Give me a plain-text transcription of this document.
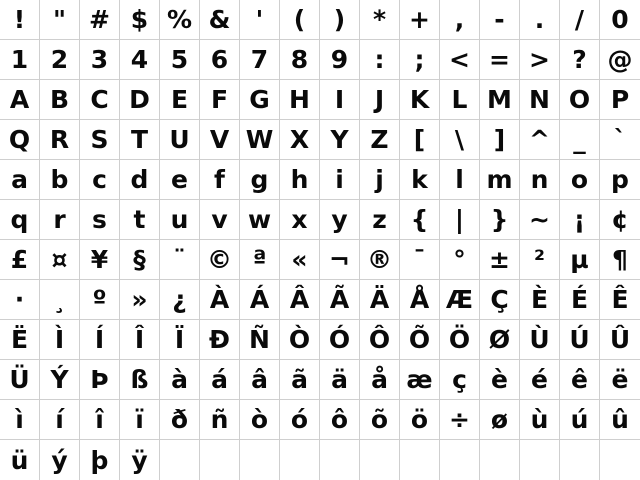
!	" # $ % &	'	(	)	* + ,	-	.	/	0
1 2 3 4 5 6 7 8 9	:	; < = > ? @
A B C D E F G H I	J	K L M N O P
Q R S T U V W X Y Z	[	\	] ^ _	`
a b c d e	f	g h	i	j	k	l m n o p
q r	s	t	u v w x y z {	|	} ~ ¡	¢
£ ¤ ¥	§	¨ © ª « ¬ ® ¯	° ± ²	µ ¶
·	¸	º » ¿ À Á Â Ã Ä Å Æ Ç È É Ê
Ë	Ì	Í	Î	Ï Ð Ñ Ò Ó Ô Õ Ö Ø Ù Ú Û
Ü Ý Þ ß à á â ã ä å æ ç è é ê ë
ì	í	î	ï	ð ñ ò ó ô õ ö ÷ ø ù ú û
ü ý þ ÿ
